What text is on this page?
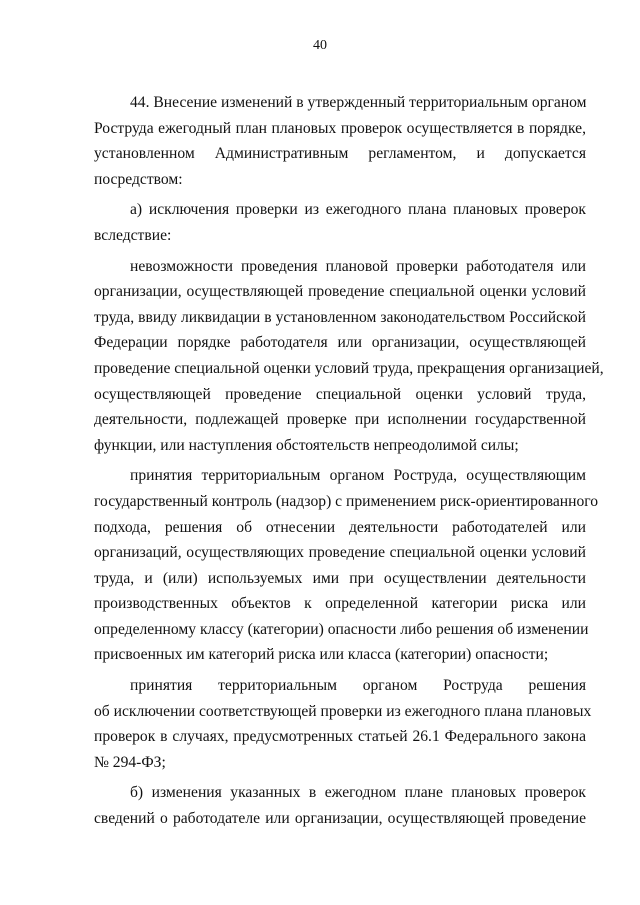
40
44. Внесение изменений в утвержденный территориальным органом
Роструда ежегодный план плановых проверок осуществляется в порядке,
установленном Административным регламентом, и допускается
посредством:
а) исключения проверки из ежегодного плана плановых проверок
вследствие:
невозможности проведения плановой проверки работодателя или
организации, осуществляющей проведение специальной оценки условий
труда, ввиду ликвидации в установленном законодательством Российской
Федерации порядке работодателя или организации, осуществляющей
проведение специальной оценки условий труда, прекращения организацией,
осуществляющей проведение специальной оценки условий труда,
деятельности, подлежащей проверке при исполнении государственной
функции, или наступления обстоятельств непреодолимой силы;
принятия территориальным органом Роструда, осуществляющим
государственный контроль (надзор) с применением риск-ориентированного
подхода, решения об отнесении деятельности работодателей или
организаций, осуществляющих проведение специальной оценки условий
труда, и (или) используемых ими при осуществлении деятельности
производственных объектов к определенной категории риска или
определенному классу (категории) опасности либо решения об изменении
присвоенных им категорий риска или класса (категории) опасности;
принятия территориальным органом Роструда решения
об исключении соответствующей проверки из ежегодного плана плановых
проверок в случаях, предусмотренных статьей 26.1 Федерального закона
№ 294-ФЗ;
б) изменения указанных в ежегодном плане плановых проверок
сведений о работодателе или организации, осуществляющей проведение
